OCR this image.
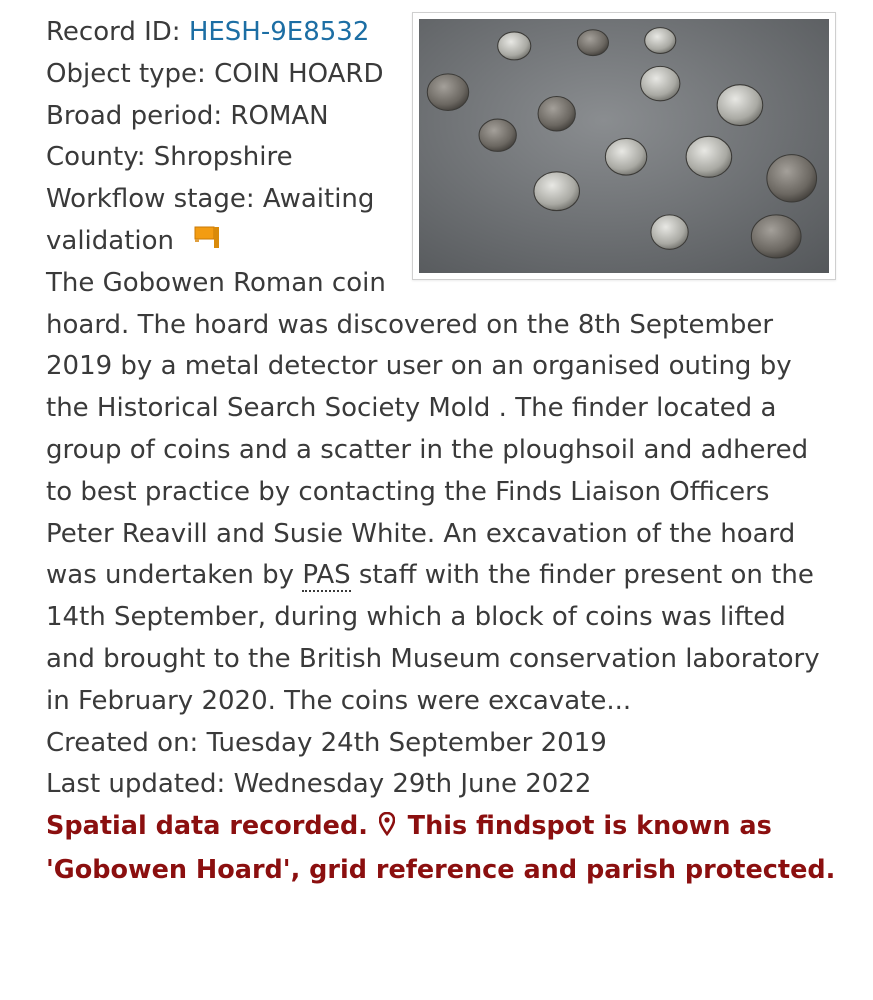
Record ID: HESH-9E8532
Object type: COIN HOARD
Broad period: ROMAN
County: Shropshire
Workflow stage: Awaiting
validation
The Gobowen Roman coin hoard. The hoard was discovered on the 8th September 2019 by a metal detector user on an organised outing by the Historical Search Society Mold . The finder located a group of coins and a scatter in the ploughsoil and adhered to best practice by contacting the Finds Liaison Officers Peter Reavill and Susie White. An excavation of the hoard was undertaken by PAS staff with the finder present on the 14th September, during which a block of coins was lifted and brought to the British Museum conservation laboratory in February 2020. The coins were excavate...
Created on: Tuesday 24th September 2019
Last updated: Wednesday 29th June 2022
Spatial data recorded. This findspot is known as 'Gobowen Hoard', grid reference and parish protected.
